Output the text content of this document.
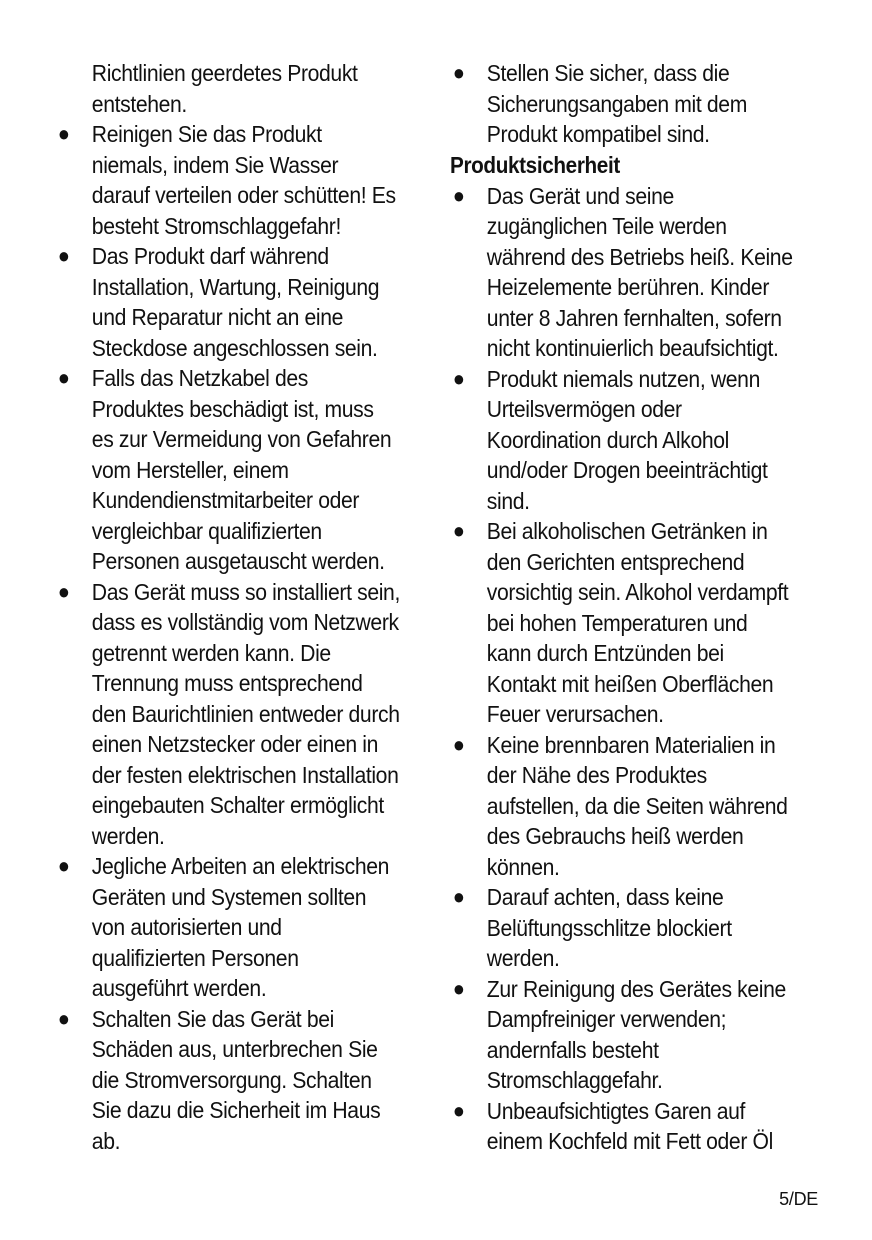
Richtlinien geerdetes Produkt entstehen.
● Reinigen Sie das Produkt niemals, indem Sie Wasser darauf verteilen oder schütten! Es besteht Stromschlaggefahr!
● Das Produkt darf während Installation, Wartung, Reinigung und Reparatur nicht an eine Steckdose angeschlossen sein.
● Falls das Netzkabel des Produktes beschädigt ist, muss es zur Vermeidung von Gefahren vom Hersteller, einem Kundendienstmitarbeiter oder vergleichbar qualifizierten Personen ausgetauscht werden.
● Das Gerät muss so installiert sein, dass es vollständig vom Netzwerk getrennt werden kann. Die Trennung muss entsprechend den Baurichtlinien entweder durch einen Netzstecker oder einen in der festen elektrischen Installation eingebauten Schalter ermöglicht werden.
● Jegliche Arbeiten an elektrischen Geräten und Systemen sollten von autorisierten und qualifizierten Personen ausgeführt werden.
● Schalten Sie das Gerät bei Schäden aus, unterbrechen Sie die Stromversorgung. Schalten Sie dazu die Sicherheit im Haus ab.
● Stellen Sie sicher, dass die Sicherungsangaben mit dem Produkt kompatibel sind.
Produktsicherheit
● Das Gerät und seine zugänglichen Teile werden während des Betriebs heiß. Keine Heizelemente berühren. Kinder unter 8 Jahren fernhalten, sofern nicht kontinuierlich beaufsichtigt.
● Produkt niemals nutzen, wenn Urteilsvermögen oder Koordination durch Alkohol und/oder Drogen beeinträchtigt sind.
● Bei alkoholischen Getränken in den Gerichten entsprechend vorsichtig sein. Alkohol verdampft bei hohen Temperaturen und kann durch Entzünden bei Kontakt mit heißen Oberflächen Feuer verursachen.
● Keine brennbaren Materialien in der Nähe des Produktes aufstellen, da die Seiten während des Gebrauchs heiß werden können.
● Darauf achten, dass keine Belüftungsschlitze blockiert werden.
● Zur Reinigung des Gerätes keine Dampfreiniger verwenden; andernfalls besteht Stromschlaggefahr.
● Unbeaufsichtigtes Garen auf einem Kochfeld mit Fett oder Öl
5/DE
